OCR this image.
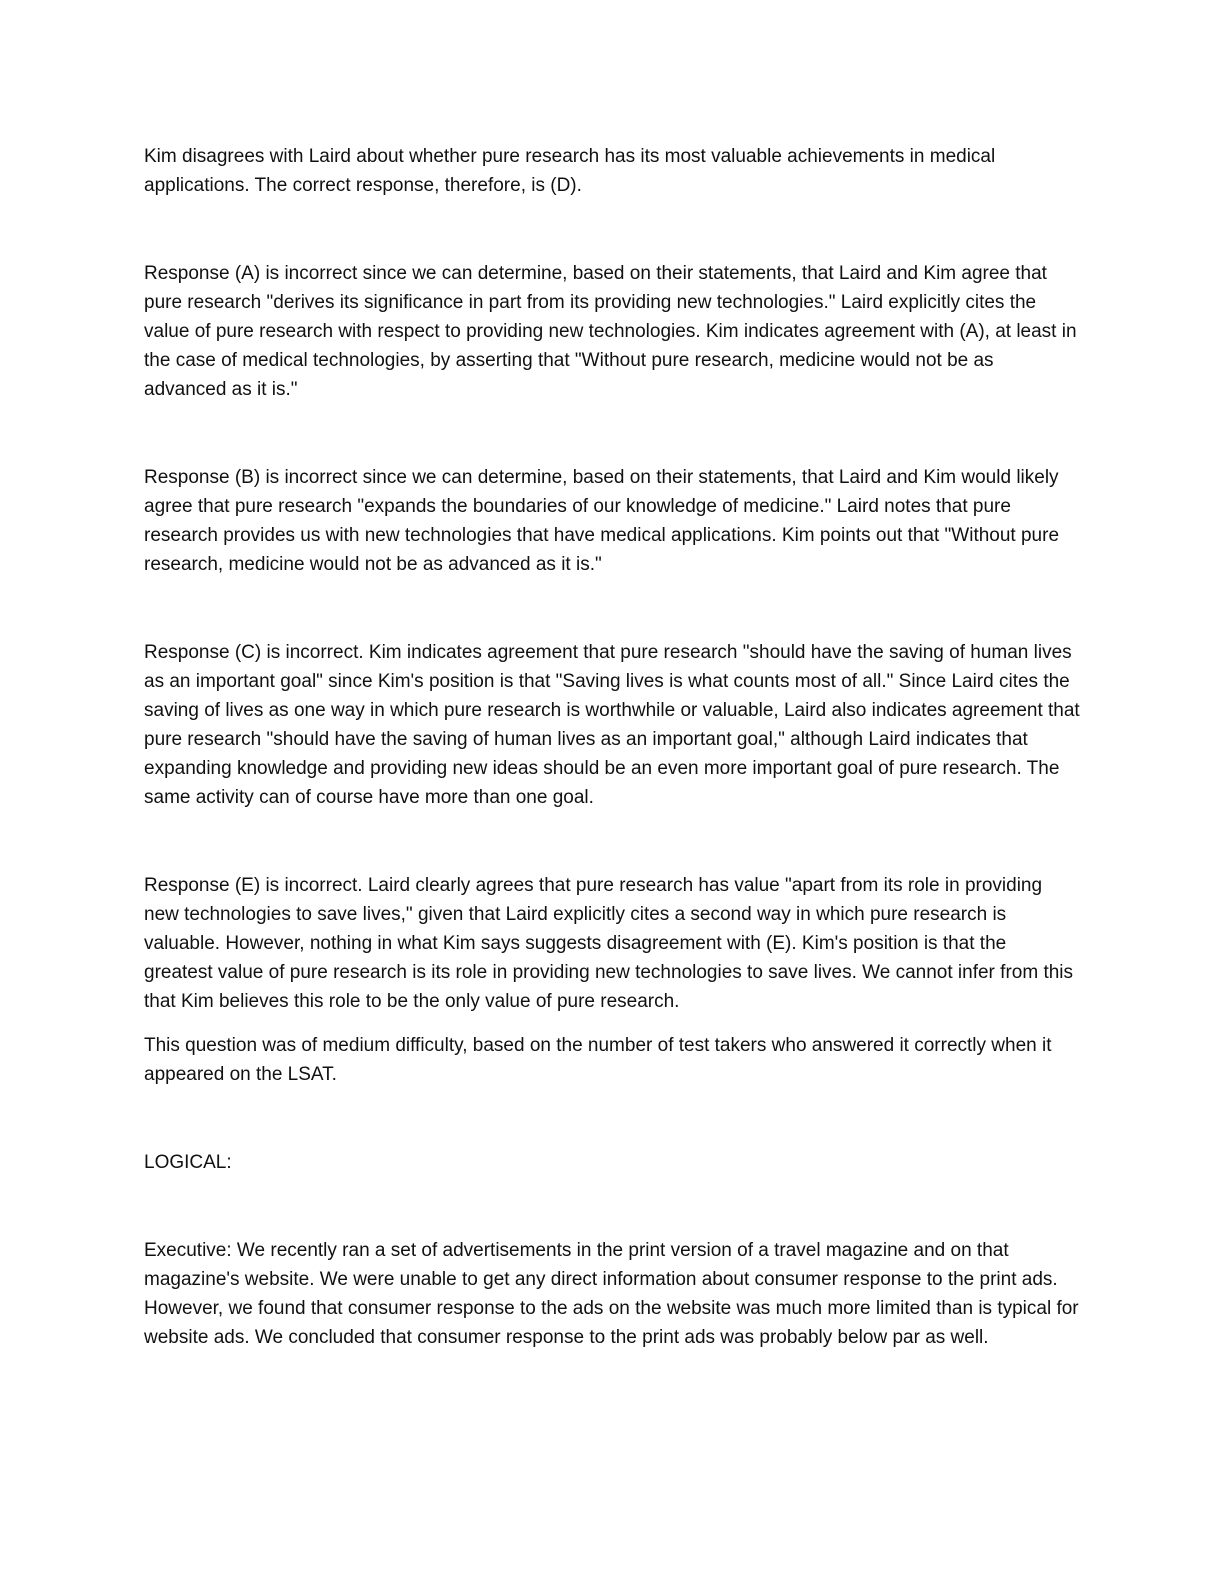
Kim disagrees with Laird about whether pure research has its most valuable achievements in medical applications. The correct response, therefore, is (D).

Response (A) is incorrect since we can determine, based on their statements, that Laird and Kim agree that pure research "derives its significance in part from its providing new technologies." Laird explicitly cites the value of pure research with respect to providing new technologies. Kim indicates agreement with (A), at least in the case of medical technologies, by asserting that "Without pure research, medicine would not be as advanced as it is."

Response (B) is incorrect since we can determine, based on their statements, that Laird and Kim would likely agree that pure research "expands the boundaries of our knowledge of medicine." Laird notes that pure research provides us with new technologies that have medical applications. Kim points out that "Without pure research, medicine would not be as advanced as it is."

Response (C) is incorrect. Kim indicates agreement that pure research "should have the saving of human lives as an important goal" since Kim's position is that "Saving lives is what counts most of all." Since Laird cites the saving of lives as one way in which pure research is worthwhile or valuable, Laird also indicates agreement that pure research "should have the saving of human lives as an important goal," although Laird indicates that expanding knowledge and providing new ideas should be an even more important goal of pure research. The same activity can of course have more than one goal.

Response (E) is incorrect. Laird clearly agrees that pure research has value "apart from its role in providing new technologies to save lives," given that Laird explicitly cites a second way in which pure research is valuable. However, nothing in what Kim says suggests disagreement with (E). Kim's position is that the greatest value of pure research is its role in providing new technologies to save lives. We cannot infer from this that Kim believes this role to be the only value of pure research.

This question was of medium difficulty, based on the number of test takers who answered it correctly when it appeared on the LSAT.

LOGICAL:

Executive: We recently ran a set of advertisements in the print version of a travel magazine and on that magazine's website. We were unable to get any direct information about consumer response to the print ads. However, we found that consumer response to the ads on the website was much more limited than is typical for website ads. We concluded that consumer response to the print ads was probably below par as well.
